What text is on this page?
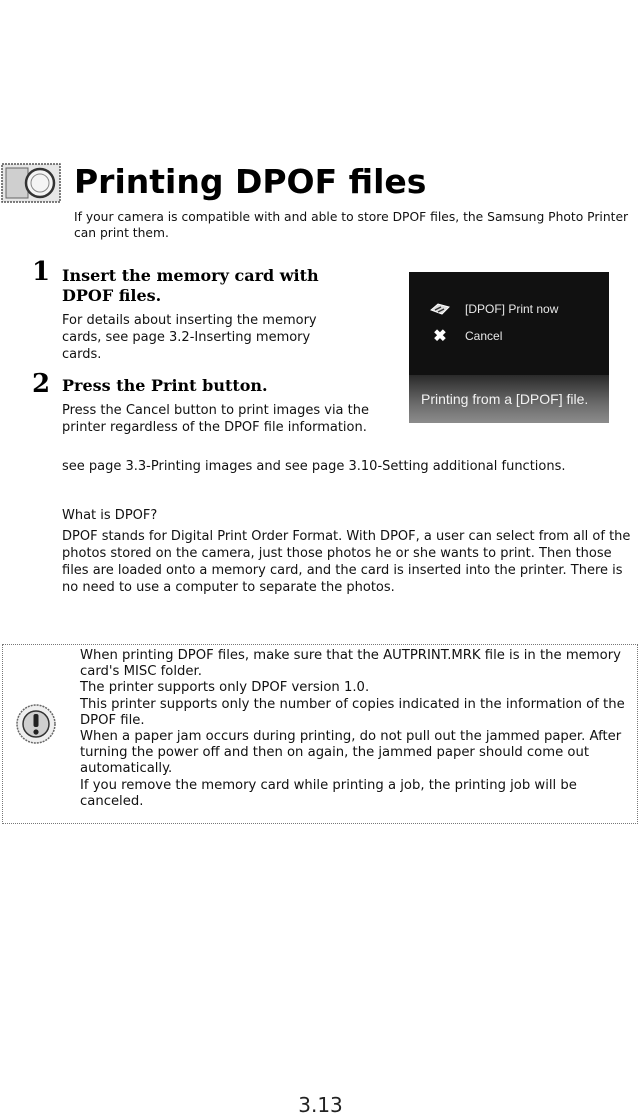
Printing DPOF files

If your camera is compatible with and able to store DPOF files, the Samsung Photo Printer can print them.

1 Insert the memory card with

DPOF files.

For details about inserting the memory cards, see page 3.2-Inserting memory cards.

2 Press the Print button.

Press the Cancel button to print images via the printer regardless of the DPOF file information.

[DPOF] Print now
✖	Cancel
Printing from a [DPOF] file.

see page 3.3-Printing images and see page 3.10-Setting additional functions.

What is DPOF?

DPOF stands for Digital Print Order Format. With DPOF, a user can select from all of the photos stored on the camera, just those photos he or she wants to print. Then those files are loaded onto a memory card, and the card is inserted into the printer. There is no need to use a computer to separate the photos.

When printing DPOF files, make sure that the AUTPRINT.MRK file is in the memory card's MISC folder.
The printer supports only DPOF version 1.0.
This printer supports only the number of copies indicated in the information of the DPOF file.
When a paper jam occurs during printing, do not pull out the jammed paper. After turning the power off and then on again, the jammed paper should come out automatically.
If you remove the memory card while printing a job, the printing job will be canceled.
3.13
